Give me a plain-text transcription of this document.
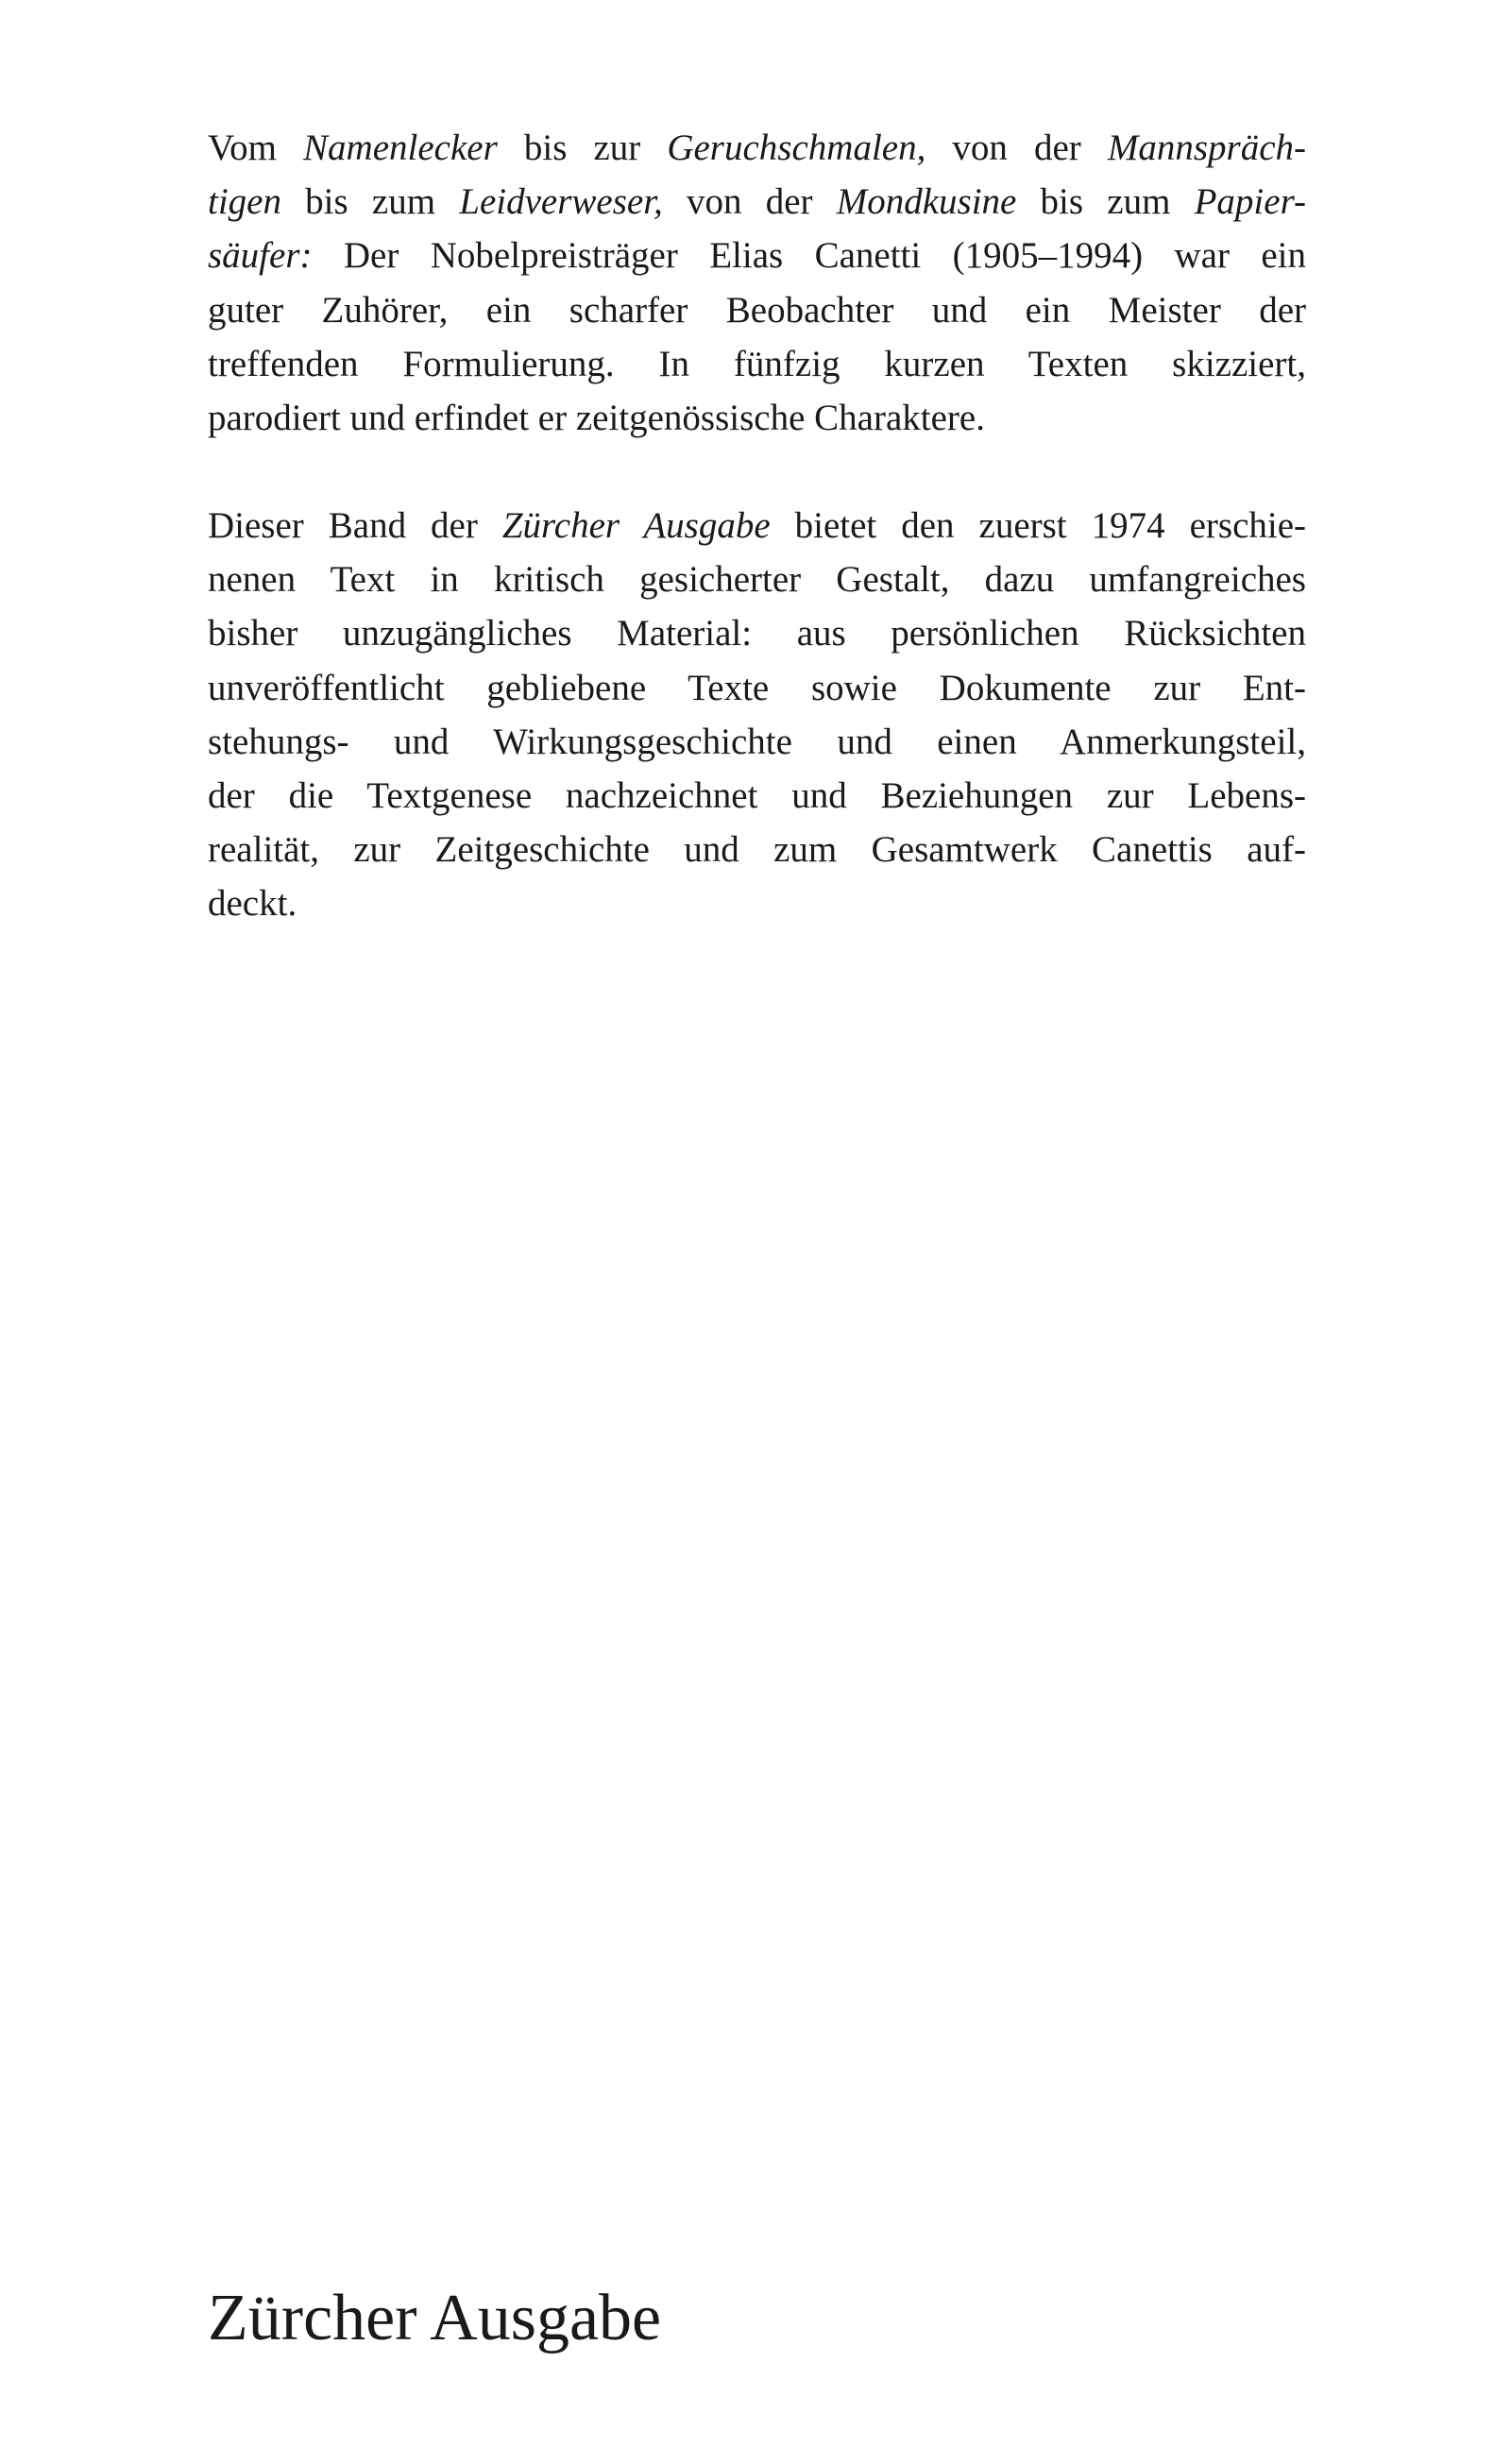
Vom Namenlecker bis zur Geruchschmalen, von der Mannspräch-
tigen bis zum Leidverweser, von der Mondkusine bis zum Papier-
säufer: Der Nobelpreisträger Elias Canetti (1905–1994) war ein
guter Zuhörer, ein scharfer Beobachter und ein Meister der
treffenden Formulierung. In fünfzig kurzen Texten skizziert,
parodiert und erfindet er zeitgenössische Charaktere.
Dieser Band der Zürcher Ausgabe bietet den zuerst 1974 erschie-
nenen Text in kritisch gesicherter Gestalt, dazu umfangreiches
bisher unzugängliches Material: aus persönlichen Rücksichten
unveröffentlicht gebliebene Texte sowie Dokumente zur Ent-
stehungs- und Wirkungsgeschichte und einen Anmerkungsteil,
der die Textgenese nachzeichnet und Beziehungen zur Lebens-
realität, zur Zeitgeschichte und zum Gesamtwerk Canettis auf-
deckt.
Zürcher Ausgabe
